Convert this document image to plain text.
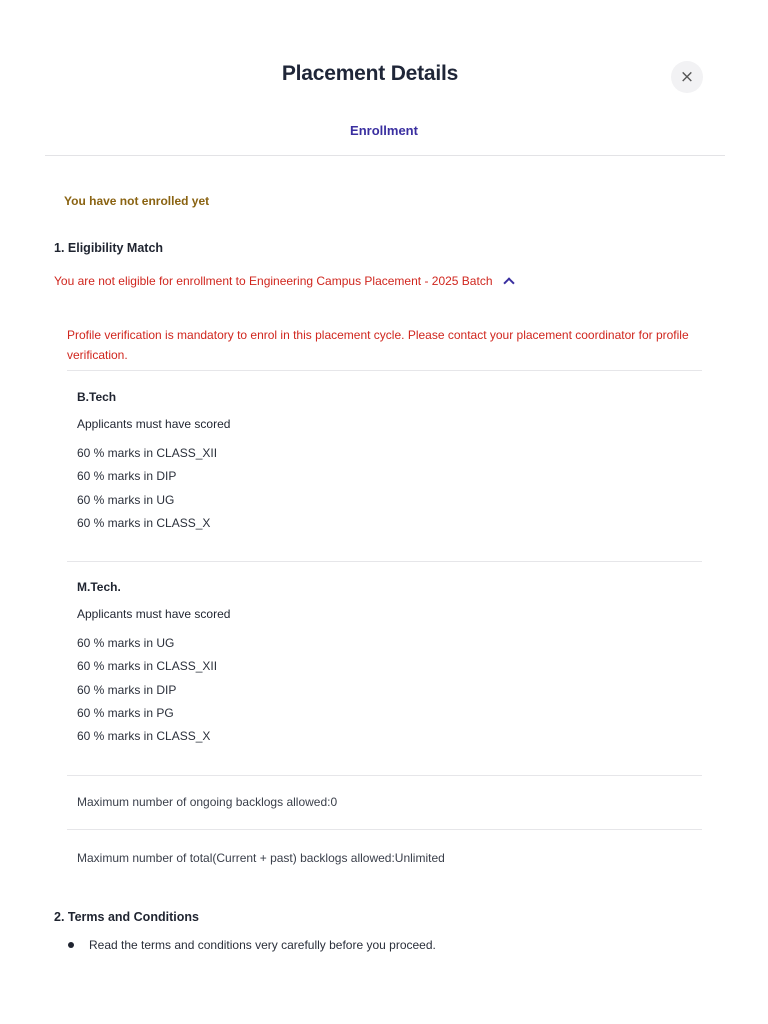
Placement Details	×
Enrollment
You have not enrolled yet
1. Eligibility Match
You are not eligible for enrollment to Engineering Campus Placement - 2025 Batch
Profile verification is mandatory to enrol in this placement cycle. Please contact your placement coordinator for profile verification.
B.Tech
Applicants must have scored
60 % marks in CLASS_XII
60 % marks in DIP
60 % marks in UG
60 % marks in CLASS_X
M.Tech.
Applicants must have scored
60 % marks in UG
60 % marks in CLASS_XII
60 % marks in DIP
60 % marks in PG
60 % marks in CLASS_X
Maximum number of ongoing backlogs allowed:0
Maximum number of total(Current + past) backlogs allowed:Unlimited
2. Terms and Conditions
Read the terms and conditions very carefully before you proceed.
